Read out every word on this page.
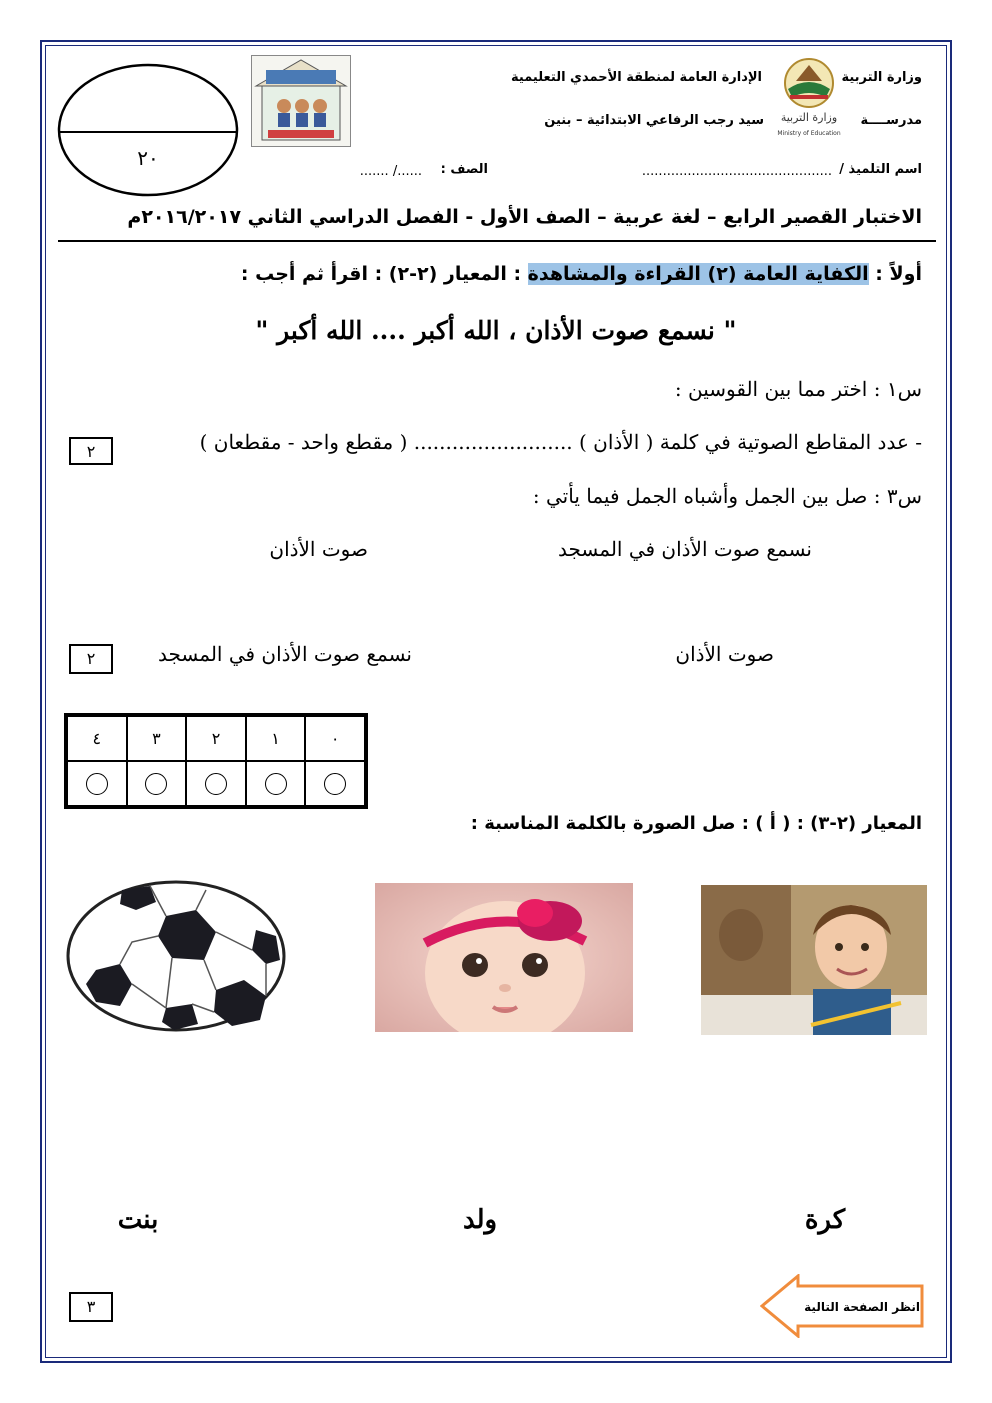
٢٠
وزارة التربية
Ministry of Education
وزارة التربية
الإدارة العامة لمنطقة الأحمدي التعليمية
مدرســــة
سيد رجب الرفاعي الابتدائية – بنين
اسم التلميذ /
..............................................
الصف :
....../ .......
الاختبار القصير الرابع – لغة عربية – الصف الأول - الفصل الدراسي الثاني ٢٠١٦/٢٠١٧م
أولاً : الكفاية العامة (٢) القراءة والمشاهدة : المعيار (٢-٢) : اقرأ ثم أجب :
" نسمع صوت الأذان ، الله أكبر .... الله أكبر "
س١ : اختر مما بين القوسين :
- عدد المقاطع الصوتية في كلمة ( الأذان ) ......................... ( مقطع واحد - مقطعان )
٢
س٣ : صل بين الجمل وأشباه الجمل فيما يأتي :
نسمع صوت الأذان في المسجد
صوت الأذان
صوت الأذان
نسمع صوت الأذان في المسجد
٢
٤	٣	٢	١	٠
المعيار (٢-٣) : ( أ ) : صل الصورة بالكلمة المناسبة :
كرة
ولد
بنت
٣	انظر الصفحة التالية
